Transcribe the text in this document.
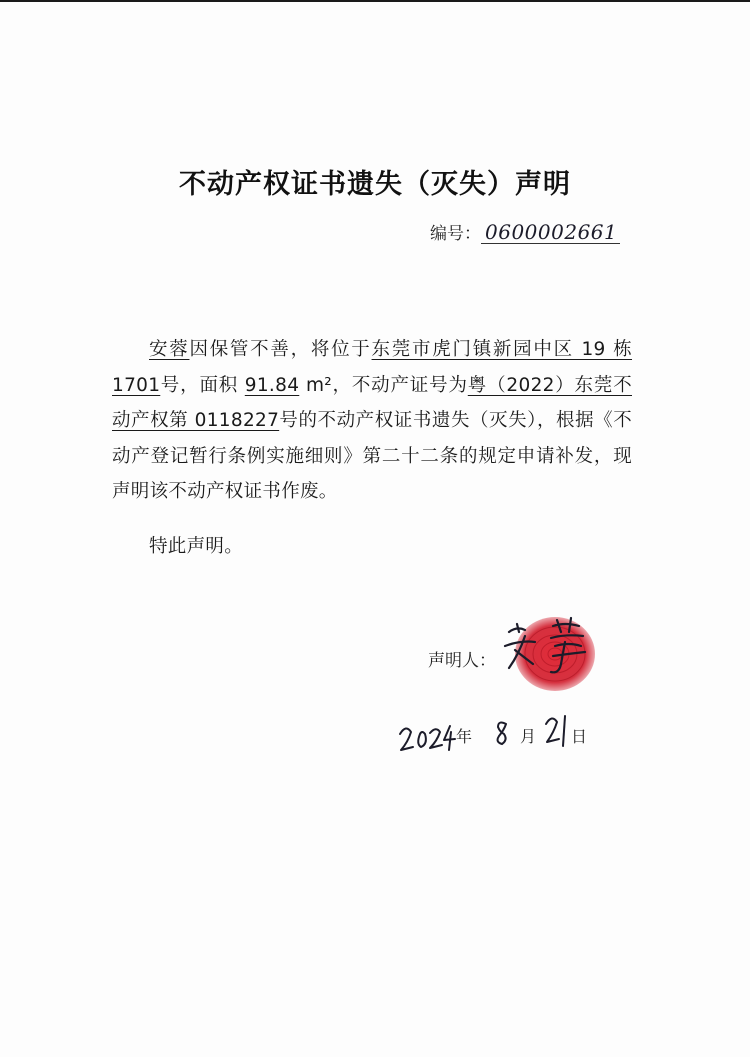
不动产权证书遗失（灭失）声明
编号： 0600002661
安蓉因保管不善，将位于东莞市虎门镇新园中区 19 栋 1701号，面积 91.84 m²，不动产证号为粤（2022）东莞不动产权第 0118227号的不动产权证书遗失（灭失），根据《不动产登记暂行条例实施细则》第二十二条的规定申请补发，现声明该不动产权证书作废。
特此声明。
声明人：
年	月 日
